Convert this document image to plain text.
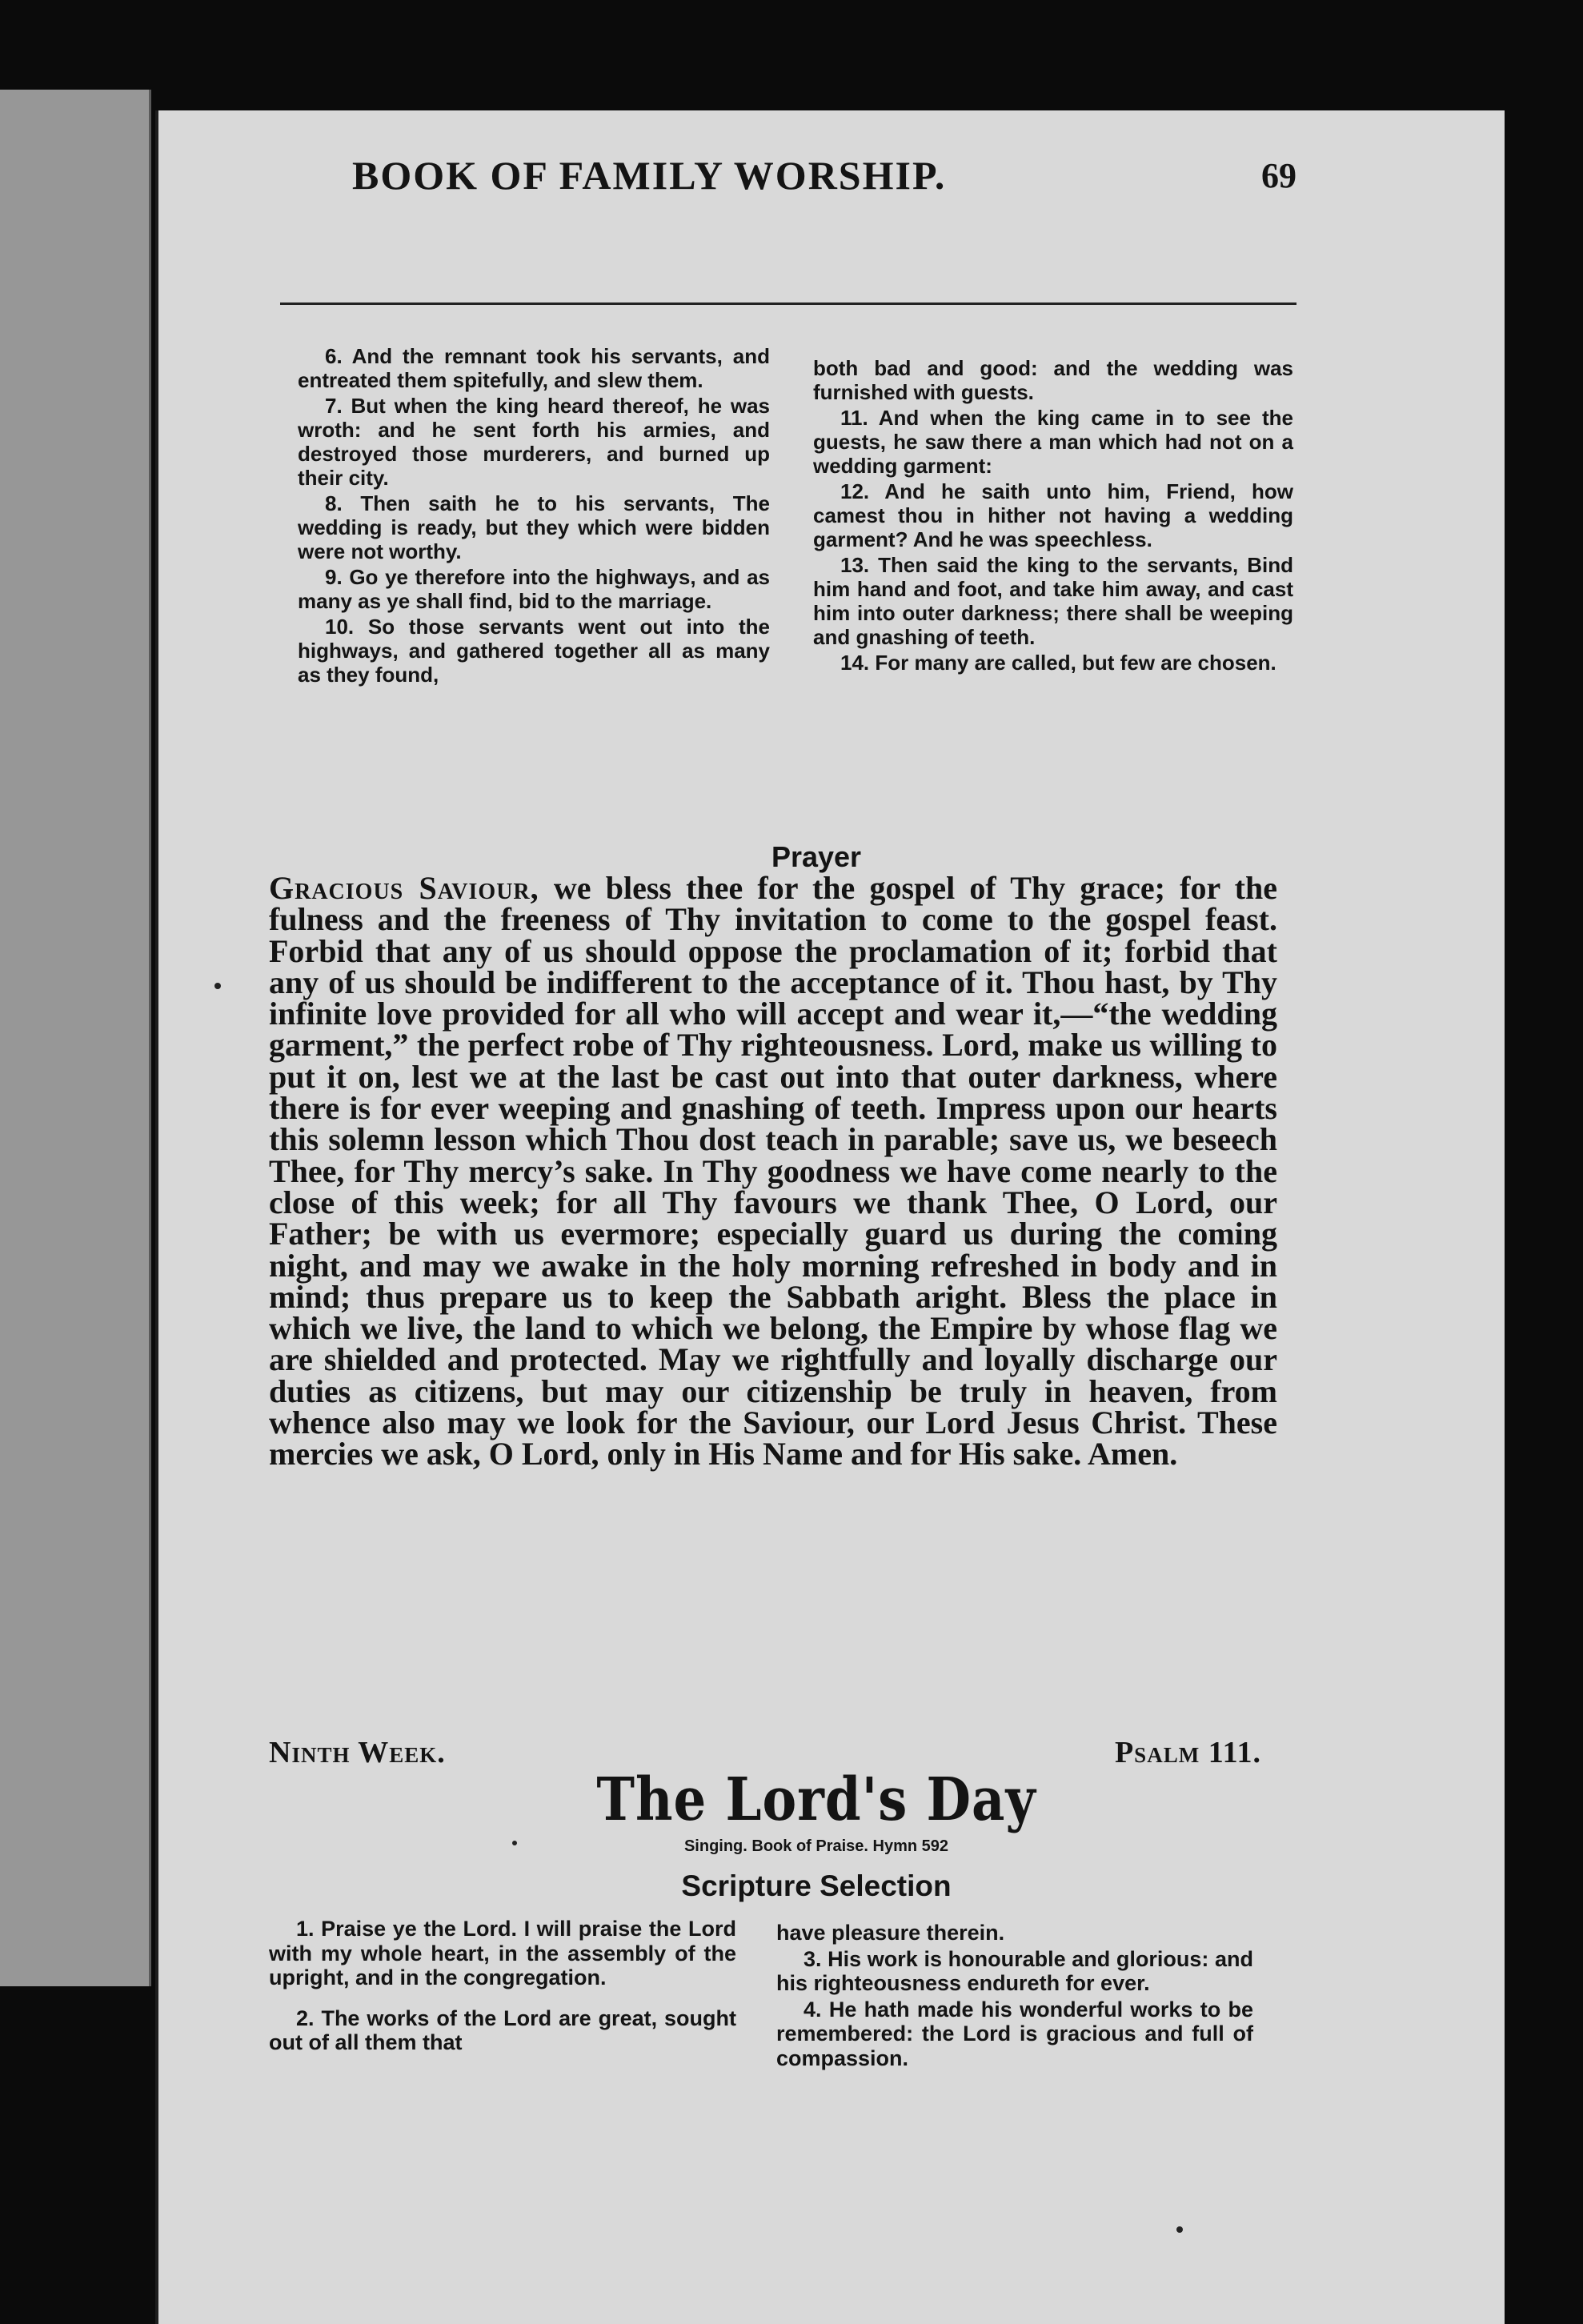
BOOK OF FAMILY WORSHIP.	69

6. And the remnant took his servants, and entreated them spitefully, and slew them.

7. But when the king heard thereof, he was wroth: and he sent forth his armies, and destroyed those murderers, and burned up their city.

8. Then saith he to his servants, The wedding is ready, but they which were bidden were not worthy.

9. Go ye therefore into the highways, and as many as ye shall find, bid to the marriage.

10. So those servants went out into the highways, and gathered together all as many as they found,

both bad and good: and the wedding was furnished with guests.

11. And when the king came in to see the guests, he saw there a man which had not on a wedding garment:

12. And he saith unto him, Friend, how camest thou in hither not having a wedding garment? And he was speechless.

13. Then said the king to the servants, Bind him hand and foot, and take him away, and cast him into outer darkness; there shall be weeping and gnashing of teeth.

14. For many are called, but few are chosen.

Prayer
Gracious Saviour, we bless thee for the gospel of Thy grace; for the fulness and the freeness of Thy invitation to come to the gospel feast. Forbid that any of us should oppose the proclamation of it; forbid that any of us should be indifferent to the acceptance of it. Thou hast, by Thy infinite love provided for all who will accept and wear it,—“the wedding garment,” the perfect robe of Thy righteousness. Lord, make us willing to put it on, lest we at the last be cast out into that outer darkness, where there is for ever weeping and gnashing of teeth. Impress upon our hearts this solemn lesson which Thou dost teach in parable; save us, we beseech Thee, for Thy mercy’s sake. In Thy goodness we have come nearly to the close of this week; for all Thy favours we thank Thee, O Lord, our Father; be with us evermore; especially guard us during the coming night, and may we awake in the holy morning refreshed in body and in mind; thus prepare us to keep the Sabbath aright. Bless the place in which we live, the land to which we belong, the Empire by whose flag we are shielded and protected. May we rightfully and loyally discharge our duties as citizens, but may our citizenship be truly in heaven, from whence also may we look for the Saviour, our Lord Jesus Christ. These mercies we ask, O Lord, only in His Name and for His sake. Amen.
Ninth Week.	Psalm 111.
The Lord's Day
Singing. Book of Praise. Hymn 592
Scripture Selection

1. Praise ye the Lord. I will praise the Lord with my whole heart, in the assembly of the upright, and in the congregation.

2. The works of the Lord are great, sought out of all them that

have pleasure therein.

3. His work is honourable and glorious: and his righteousness endureth for ever.

4. He hath made his wonderful works to be remembered: the Lord is gracious and full of compassion.
